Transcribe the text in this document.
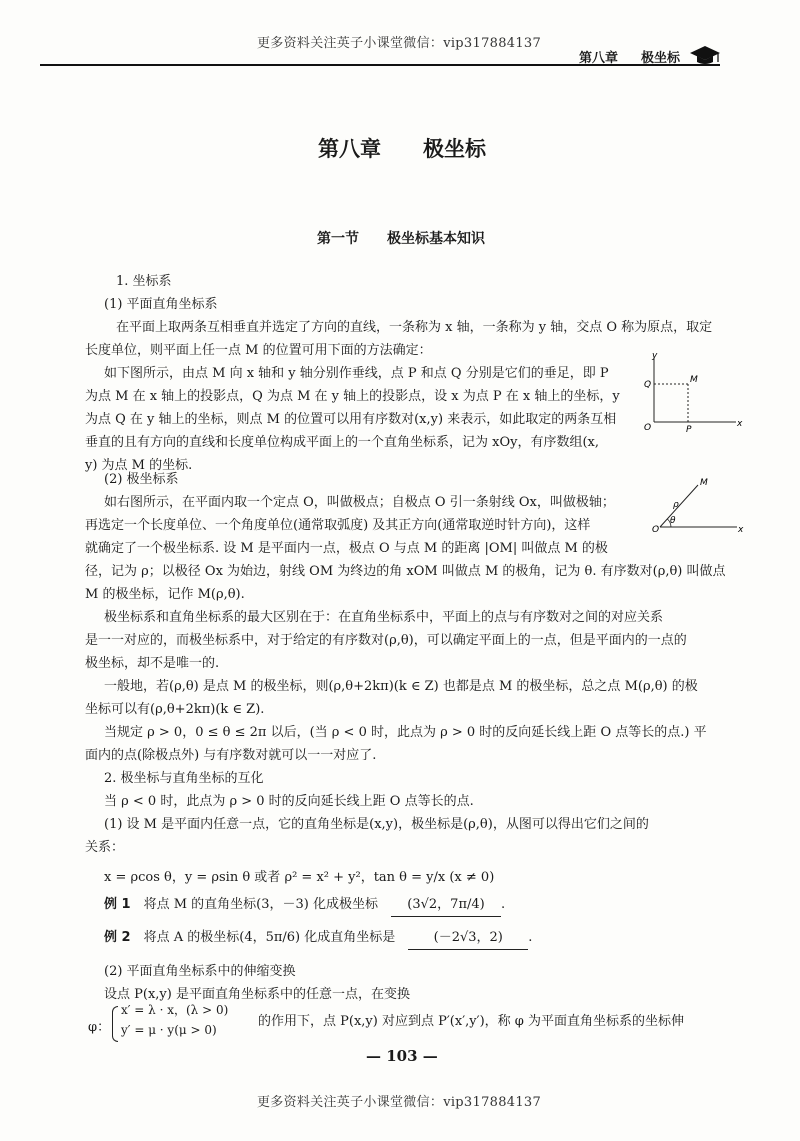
更多资料关注英子小课堂微信：vip317884137
第八章 极坐标
第八章　　极坐标
第一节　　极坐标基本知识
1. 坐标系
(1) 平面直角坐标系
在平面上取两条互相垂直并选定了方向的直线，一条称为 x 轴，一条称为 y 轴，交点 O 称为原点，取定
长度单位，则平面上任一点 M 的位置可用下面的方法确定：
如下图所示，由点 M 向 x 轴和 y 轴分别作垂线，点 P 和点 Q 分别是它们的垂足，即 P
为点 M 在 x 轴上的投影点，Q 为点 M 在 y 轴上的投影点，设 x 为点 P 在 x 轴上的坐标，y
为点 Q 在 y 轴上的坐标，则点 M 的位置可以用有序数对(x,y) 来表示，如此取定的两条互相
垂直的且有方向的直线和长度单位构成平面上的一个直角坐标系，记为 xOy，有序数组(x,
y) 为点 M 的坐标.
y
x
O
Q
P
M
(2) 极坐标系
如右图所示，在平面内取一个定点 O，叫做极点；自极点 O 引一条射线 Ox，叫做极轴；
再选定一个长度单位、一个角度单位(通常取弧度) 及其正方向(通常取逆时针方向)，这样
就确定了一个极坐标系. 设 M 是平面内一点，极点 O 与点 M 的距离 |OM| 叫做点 M 的极
径，记为 ρ；以极径 Ox 为始边，射线 OM 为终边的角 xOM 叫做点 M 的极角，记为 θ. 有序数对(ρ,θ) 叫做点
M 的极坐标，记作 M(ρ,θ).
M
ρ
O
θ
x
极坐标系和直角坐标系的最大区别在于：在直角坐标系中，平面上的点与有序数对之间的对应关系
是一一对应的，而极坐标系中，对于给定的有序数对(ρ,θ)，可以确定平面上的一点，但是平面内的一点的
极坐标，却不是唯一的.
一般地，若(ρ,θ) 是点 M 的极坐标，则(ρ,θ+2kπ)(k ∈ Z) 也都是点 M 的极坐标，总之点 M(ρ,θ) 的极
坐标可以有(ρ,θ+2kπ)(k ∈ Z).
当规定 ρ > 0，0 ≤ θ ≤ 2π 以后，(当 ρ < 0 时，此点为 ρ > 0 时的反向延长线上距 O 点等长的点.) 平
面内的点(除极点外) 与有序数对就可以一一对应了.
2. 极坐标与直角坐标的互化
当 ρ < 0 时，此点为 ρ > 0 时的反向延长线上距 O 点等长的点.
(1) 设 M 是平面内任意一点，它的直角坐标是(x,y)，极坐标是(ρ,θ)，从图可以得出它们之间的
关系：
x = ρcos θ，y = ρsin θ 或者 ρ² = x² + y²，tan θ = y/x (x ≠ 0)
例 1　 将点 M 的直角坐标(3，－3) 化成极坐标  (3√2，7π/4) .
例 2　 将点 A 的极坐标(4，5π/6) 化成直角坐标是 	(－2√3，2) .
(2) 平面直角坐标系中的伸缩变换
设点 P(x,y) 是平面直角坐标系中的任意一点，在变换
φ：
x′ = λ · x，(λ > 0)
y′ = μ · y(μ > 0)
的作用下，点 P(x,y) 对应到点 P′(x′,y′)，称 φ 为平面直角坐标系的坐标伸
— 103 —
更多资料关注英子小课堂微信：vip317884137
